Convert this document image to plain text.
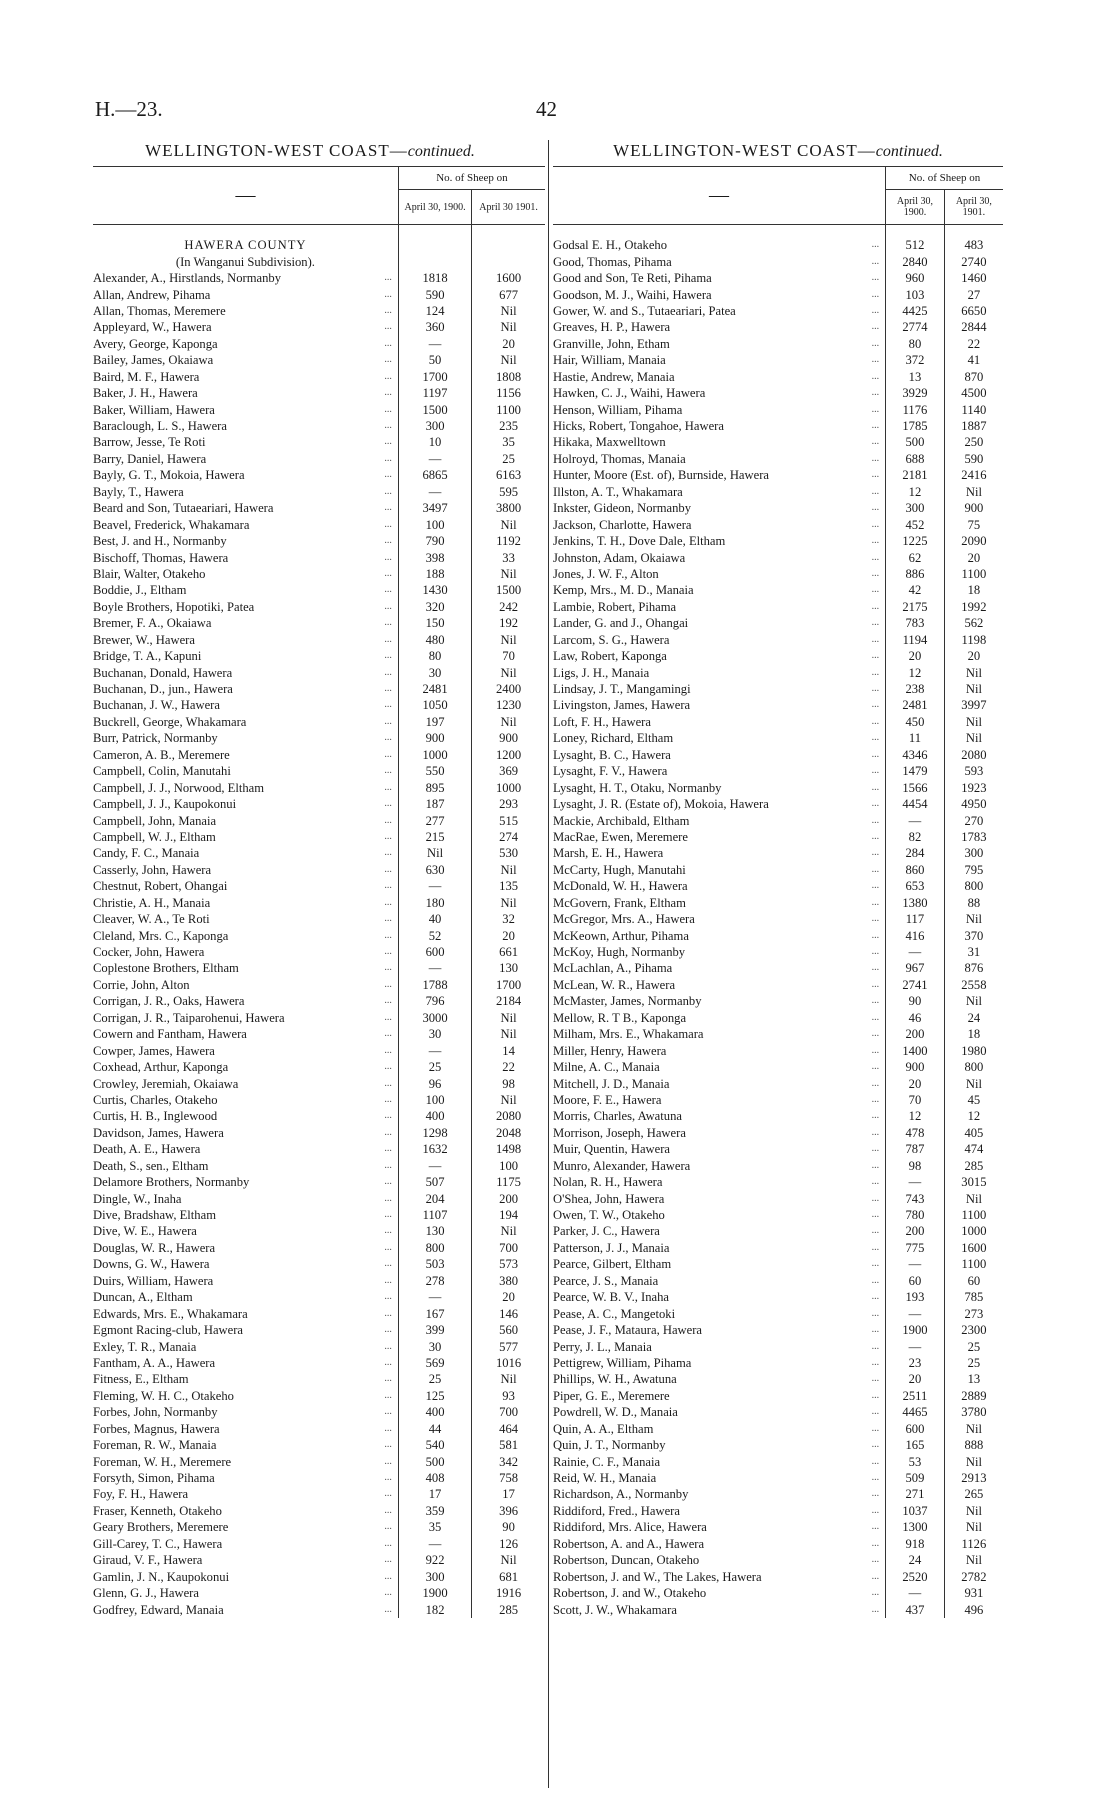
H.—23.	42
WELLINGTON-WEST COAST—continued.
—	No. of Sheep on	
	April 30, 1900.	April 30 1901.

HAWERA COUNTY		
(In Wanganui Subdivision).		
Alexander, A., Hirstlands, Normanby ...	1818	1600
Allan, Andrew, Pihama ...	590	677
Allan, Thomas, Meremere ...	124	Nil
Appleyard, W., Hawera ...	360	Nil
Avery, George, Kaponga ...	—	20
Bailey, James, Okaiawa ...	50	Nil
Baird, M. F., Hawera ...	1700	1808
Baker, J. H., Hawera ...	1197	1156
Baker, William, Hawera ...	1500	1100
Baraclough, L. S., Hawera ...	300	235
Barrow, Jesse, Te Roti ...	10	35
Barry, Daniel, Hawera ...	—	25
Bayly, G. T., Mokoia, Hawera ...	6865	6163
Bayly, T., Hawera ...	—	595
Beard and Son, Tutaeariari, Hawera ...	3497	3800
Beavel, Frederick, Whakamara ...	100	Nil
Best, J. and H., Normanby ...	790	1192
Bischoff, Thomas, Hawera ...	398	33
Blair, Walter, Otakeho ...	188	Nil
Boddie, J., Eltham ...	1430	1500
Boyle Brothers, Hopotiki, Patea ...	320	242
Bremer, F. A., Okaiawa ...	150	192
Brewer, W., Hawera ...	480	Nil
Bridge, T. A., Kapuni ...	80	70
Buchanan, Donald, Hawera ...	30	Nil
Buchanan, D., jun., Hawera ...	2481	2400
Buchanan, J. W., Hawera ...	1050	1230
Buckrell, George, Whakamara ...	197	Nil
Burr, Patrick, Normanby ...	900	900
Cameron, A. B., Meremere ...	1000	1200
Campbell, Colin, Manutahi ...	550	369
Campbell, J. J., Norwood, Eltham ...	895	1000
Campbell, J. J., Kaupokonui ...	187	293
Campbell, John, Manaia ...	277	515
Campbell, W. J., Eltham ...	215	274
Candy, F. C., Manaia ...	Nil	530
Casserly, John, Hawera ...	630	Nil
Chestnut, Robert, Ohangai ...	—	135
Christie, A. H., Manaia ...	180	Nil
Cleaver, W. A., Te Roti ...	40	32
Cleland, Mrs. C., Kaponga ...	52	20
Cocker, John, Hawera ...	600	661
Coplestone Brothers, Eltham ...	—	130
Corrie, John, Alton ...	1788	1700
Corrigan, J. R., Oaks, Hawera ...	796	2184
Corrigan, J. R., Taiparohenui, Hawera ...	3000	Nil
Cowern and Fantham, Hawera ...	30	Nil
Cowper, James, Hawera ...	—	14
Coxhead, Arthur, Kaponga ...	25	22
Crowley, Jeremiah, Okaiawa ...	96	98
Curtis, Charles, Otakeho ...	100	Nil
Curtis, H. B., Inglewood ...	400	2080
Davidson, James, Hawera ...	1298	2048
Death, A. E., Hawera ...	1632	1498
Death, S., sen., Eltham ...	—	100
Delamore Brothers, Normanby ...	507	1175
Dingle, W., Inaha ...	204	200
Dive, Bradshaw, Eltham ...	1107	194
Dive, W. E., Hawera ...	130	Nil
Douglas, W. R., Hawera ...	800	700
Downs, G. W., Hawera ...	503	573
Duirs, William, Hawera ...	278	380
Duncan, A., Eltham ...	—	20
Edwards, Mrs. E., Whakamara ...	167	146
Egmont Racing-club, Hawera ...	399	560
Exley, T. R., Manaia ...	30	577
Fantham, A. A., Hawera ...	569	1016
Fitness, E., Eltham ...	25	Nil
Fleming, W. H. C., Otakeho ...	125	93
Forbes, John, Normanby ...	400	700
Forbes, Magnus, Hawera ...	44	464
Foreman, R. W., Manaia ...	540	581
Foreman, W. H., Meremere ...	500	342
Forsyth, Simon, Pihama ...	408	758
Foy, F. H., Hawera ...	17	17
Fraser, Kenneth, Otakeho ...	359	396
Geary Brothers, Meremere ...	35	90
Gill-Carey, T. C., Hawera ...	—	126
Giraud, V. F., Hawera ...	922	Nil
Gamlin, J. N., Kaupokonui ...	300	681
Glenn, G. J., Hawera ...	1900	1916
Godfrey, Edward, Manaia ...	182	285
WELLINGTON-WEST COAST—continued.
—	No. of Sheep on	
	April 30, 1900.	April 30, 1901.

Godsal E. H., Otakeho ...	512	483
Good, Thomas, Pihama ...	2840	2740
Good and Son, Te Reti, Pihama ...	960	1460
Goodson, M. J., Waihi, Hawera ...	103	27
Gower, W. and S., Tutaeariari, Patea ...	4425	6650
Greaves, H. P., Hawera ...	2774	2844
Granville, John, Etham ...	80	22
Hair, William, Manaia ...	372	41
Hastie, Andrew, Manaia ...	13	870
Hawken, C. J., Waihi, Hawera ...	3929	4500
Henson, William, Pihama ...	1176	1140
Hicks, Robert, Tongahoe, Hawera ...	1785	1887
Hikaka, Maxwelltown ...	500	250
Holroyd, Thomas, Manaia ...	688	590
Hunter, Moore (Est. of), Burnside, Hawera ...	2181	2416
Illston, A. T., Whakamara ...	12	Nil
Inkster, Gideon, Normanby ...	300	900
Jackson, Charlotte, Hawera ...	452	75
Jenkins, T. H., Dove Dale, Eltham ...	1225	2090
Johnston, Adam, Okaiawa ...	62	20
Jones, J. W. F., Alton ...	886	1100
Kemp, Mrs., M. D., Manaia ...	42	18
Lambie, Robert, Pihama ...	2175	1992
Lander, G. and J., Ohangai ...	783	562
Larcom, S. G., Hawera ...	1194	1198
Law, Robert, Kaponga ...	20	20
Ligs, J. H., Manaia ...	12	Nil
Lindsay, J. T., Mangamingi ...	238	Nil
Livingston, James, Hawera ...	2481	3997
Loft, F. H., Hawera ...	450	Nil
Loney, Richard, Eltham ...	11	Nil
Lysaght, B. C., Hawera ...	4346	2080
Lysaght, F. V., Hawera ...	1479	593
Lysaght, H. T., Otaku, Normanby ...	1566	1923
Lysaght, J. R. (Estate of), Mokoia, Hawera ...	4454	4950
Mackie, Archibald, Eltham ...	—	270
MacRae, Ewen, Meremere ...	82	1783
Marsh, E. H., Hawera ...	284	300
McCarty, Hugh, Manutahi ...	860	795
McDonald, W. H., Hawera ...	653	800
McGovern, Frank, Eltham ...	1380	88
McGregor, Mrs. A., Hawera ...	117	Nil
McKeown, Arthur, Pihama ...	416	370
McKoy, Hugh, Normanby ...	—	31
McLachlan, A., Pihama ...	967	876
McLean, W. R., Hawera ...	2741	2558
McMaster, James, Normanby ...	90	Nil
Mellow, R. T B., Kaponga ...	46	24
Milham, Mrs. E., Whakamara ...	200	18
Miller, Henry, Hawera ...	1400	1980
Milne, A. C., Manaia ...	900	800
Mitchell, J. D., Manaia ...	20	Nil
Moore, F. E., Hawera ...	70	45
Morris, Charles, Awatuna ...	12	12
Morrison, Joseph, Hawera ...	478	405
Muir, Quentin, Hawera ...	787	474
Munro, Alexander, Hawera ...	98	285
Nolan, R. H., Hawera ...	—	3015
O'Shea, John, Hawera ...	743	Nil
Owen, T. W., Otakeho ...	780	1100
Parker, J. C., Hawera ...	200	1000
Patterson, J. J., Manaia ...	775	1600
Pearce, Gilbert, Eltham ...	—	1100
Pearce, J. S., Manaia ...	60	60
Pearce, W. B. V., Inaha ...	193	785
Pease, A. C., Mangetoki ...	—	273
Pease, J. F., Mataura, Hawera ...	1900	2300
Perry, J. L., Manaia ...	—	25
Pettigrew, William, Pihama ...	23	25
Phillips, W. H., Awatuna ...	20	13
Piper, G. E., Meremere ...	2511	2889
Powdrell, W. D., Manaia ...	4465	3780
Quin, A. A., Eltham ...	600	Nil
Quin, J. T., Normanby ...	165	888
Rainie, C. F., Manaia ...	53	Nil
Reid, W. H., Manaia ...	509	2913
Richardson, A., Normanby ...	271	265
Riddiford, Fred., Hawera ...	1037	Nil
Riddiford, Mrs. Alice, Hawera ...	1300	Nil
Robertson, A. and A., Hawera ...	918	1126
Robertson, Duncan, Otakeho ...	24	Nil
Robertson, J. and W., The Lakes, Hawera ...	2520	2782
Robertson, J. and W., Otakeho ...	—	931
Scott, J. W., Whakamara ...	437	496
